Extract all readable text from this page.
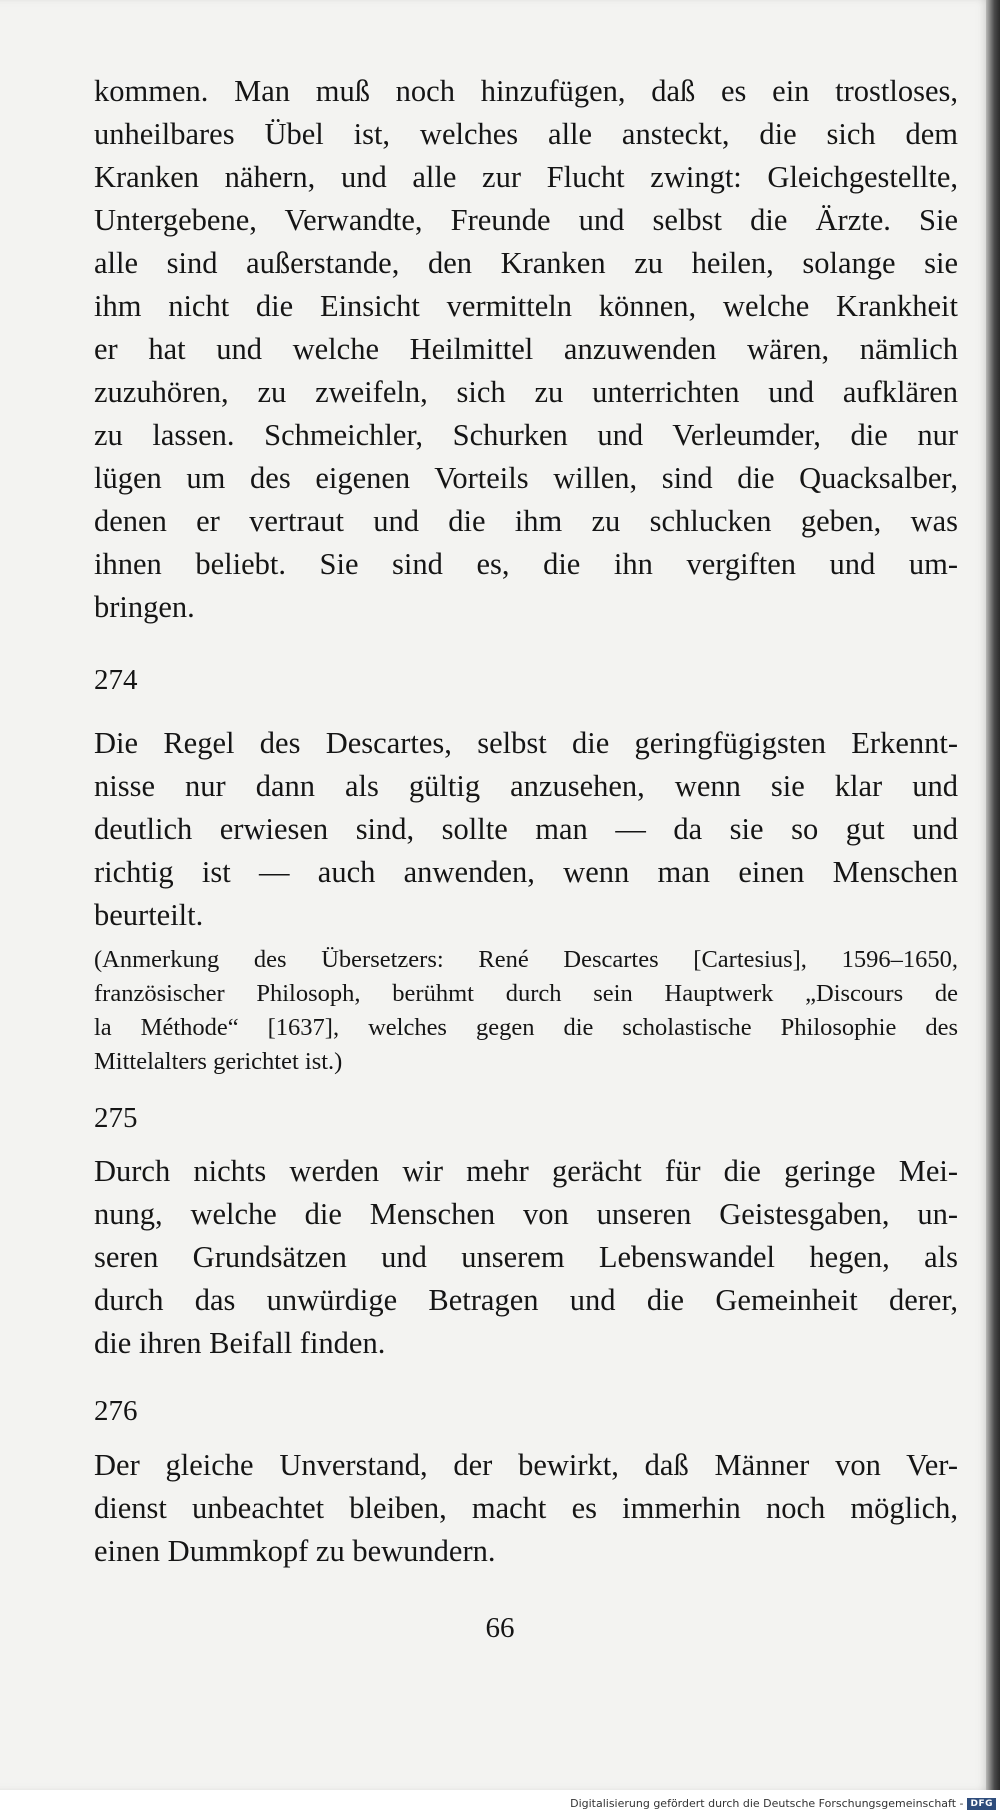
kommen. Man muß noch hinzufügen, daß es ein trostloses,
unheilbares Übel ist, welches alle ansteckt, die sich dem
Kranken nähern, und alle zur Flucht zwingt: Gleichgestellte,
Untergebene, Verwandte, Freunde und selbst die Ärzte. Sie
alle sind außerstande, den Kranken zu heilen, solange sie
ihm nicht die Einsicht vermitteln können, welche Krankheit
er hat und welche Heilmittel anzuwenden wären, nämlich
zuzuhören, zu zweifeln, sich zu unterrichten und aufklären
zu lassen. Schmeichler, Schurken und Verleumder, die nur
lügen um des eigenen Vorteils willen, sind die Quacksalber,
denen er vertraut und die ihm zu schlucken geben, was
ihnen beliebt. Sie sind es, die ihn vergiften und um-
bringen.

274

Die Regel des Descartes, selbst die geringfügigsten Erkennt-
nisse nur dann als gültig anzusehen, wenn sie klar und
deutlich erwiesen sind, sollte man — da sie so gut und
richtig ist — auch anwenden, wenn man einen Menschen
beurteilt.

(Anmerkung des Übersetzers: René Descartes [Cartesius], 1596–1650,
französischer Philosoph, berühmt durch sein Hauptwerk „Discours de
la Méthode“ [1637], welches gegen die scholastische Philosophie des
Mittelalters gerichtet ist.)

275

Durch nichts werden wir mehr gerächt für die geringe Mei-
nung, welche die Menschen von unseren Geistesgaben, un-
seren Grundsätzen und unserem Lebenswandel hegen, als
durch das unwürdige Betragen und die Gemeinheit derer,
die ihren Beifall finden.

276

Der gleiche Unverstand, der bewirkt, daß Männer von Ver-
dienst unbeachtet bleiben, macht es immerhin noch möglich,
einen Dummkopf zu bewundern.

66
Digitalisierung gefördert durch die Deutsche Forschungsgemeinschaft - DFG
